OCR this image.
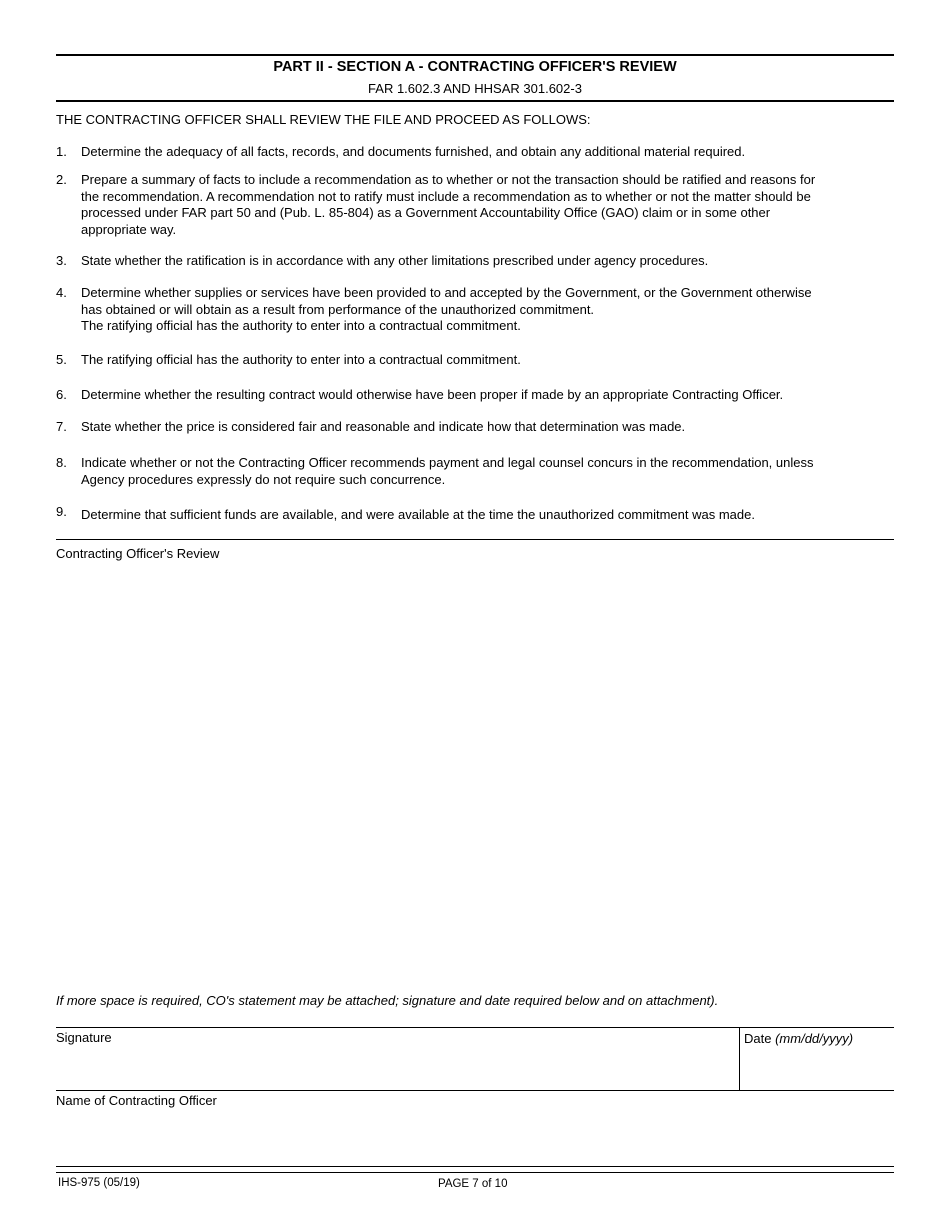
PART II - SECTION A - CONTRACTING OFFICER'S REVIEW
FAR 1.602.3 AND HHSAR 301.602-3
THE CONTRACTING OFFICER SHALL REVIEW THE FILE AND PROCEED AS FOLLOWS:
1.	Determine the adequacy of all facts, records, and documents furnished, and obtain any additional material required.
2.	Prepare a summary of facts to include a recommendation as to whether or not the transaction should be ratified and reasons for
the recommendation. A recommendation not to ratify must include a recommendation as to whether or not the matter should be
processed under FAR part 50 and (Pub. L. 85-804) as a Government Accountability Office (GAO) claim or in some other
appropriate way.
3.	State whether the ratification is in accordance with any other limitations prescribed under agency procedures.
4.	Determine whether supplies or services have been provided to and accepted by the Government, or the Government otherwise
has obtained or will obtain as a result from performance of the unauthorized commitment.
The ratifying official has the authority to enter into a contractual commitment.
5.	The ratifying official has the authority to enter into a contractual commitment.
6.	Determine whether the resulting contract would otherwise have been proper if made by an appropriate Contracting Officer.
7.	State whether the price is considered fair and reasonable and indicate how that determination was made.
8.	Indicate whether or not the Contracting Officer recommends payment and legal counsel concurs in the recommendation, unless
Agency procedures expressly do not require such concurrence.
9.	Determine that sufficient funds are available, and were available at the time the unauthorized commitment was made.
Contracting Officer's Review
If more space is required, CO's statement may be attached; signature and date required below and on attachment).
Signature	Date (mm/dd/yyyy)
Name of Contracting Officer
IHS-975 (05/19)	PAGE 7 of 10
